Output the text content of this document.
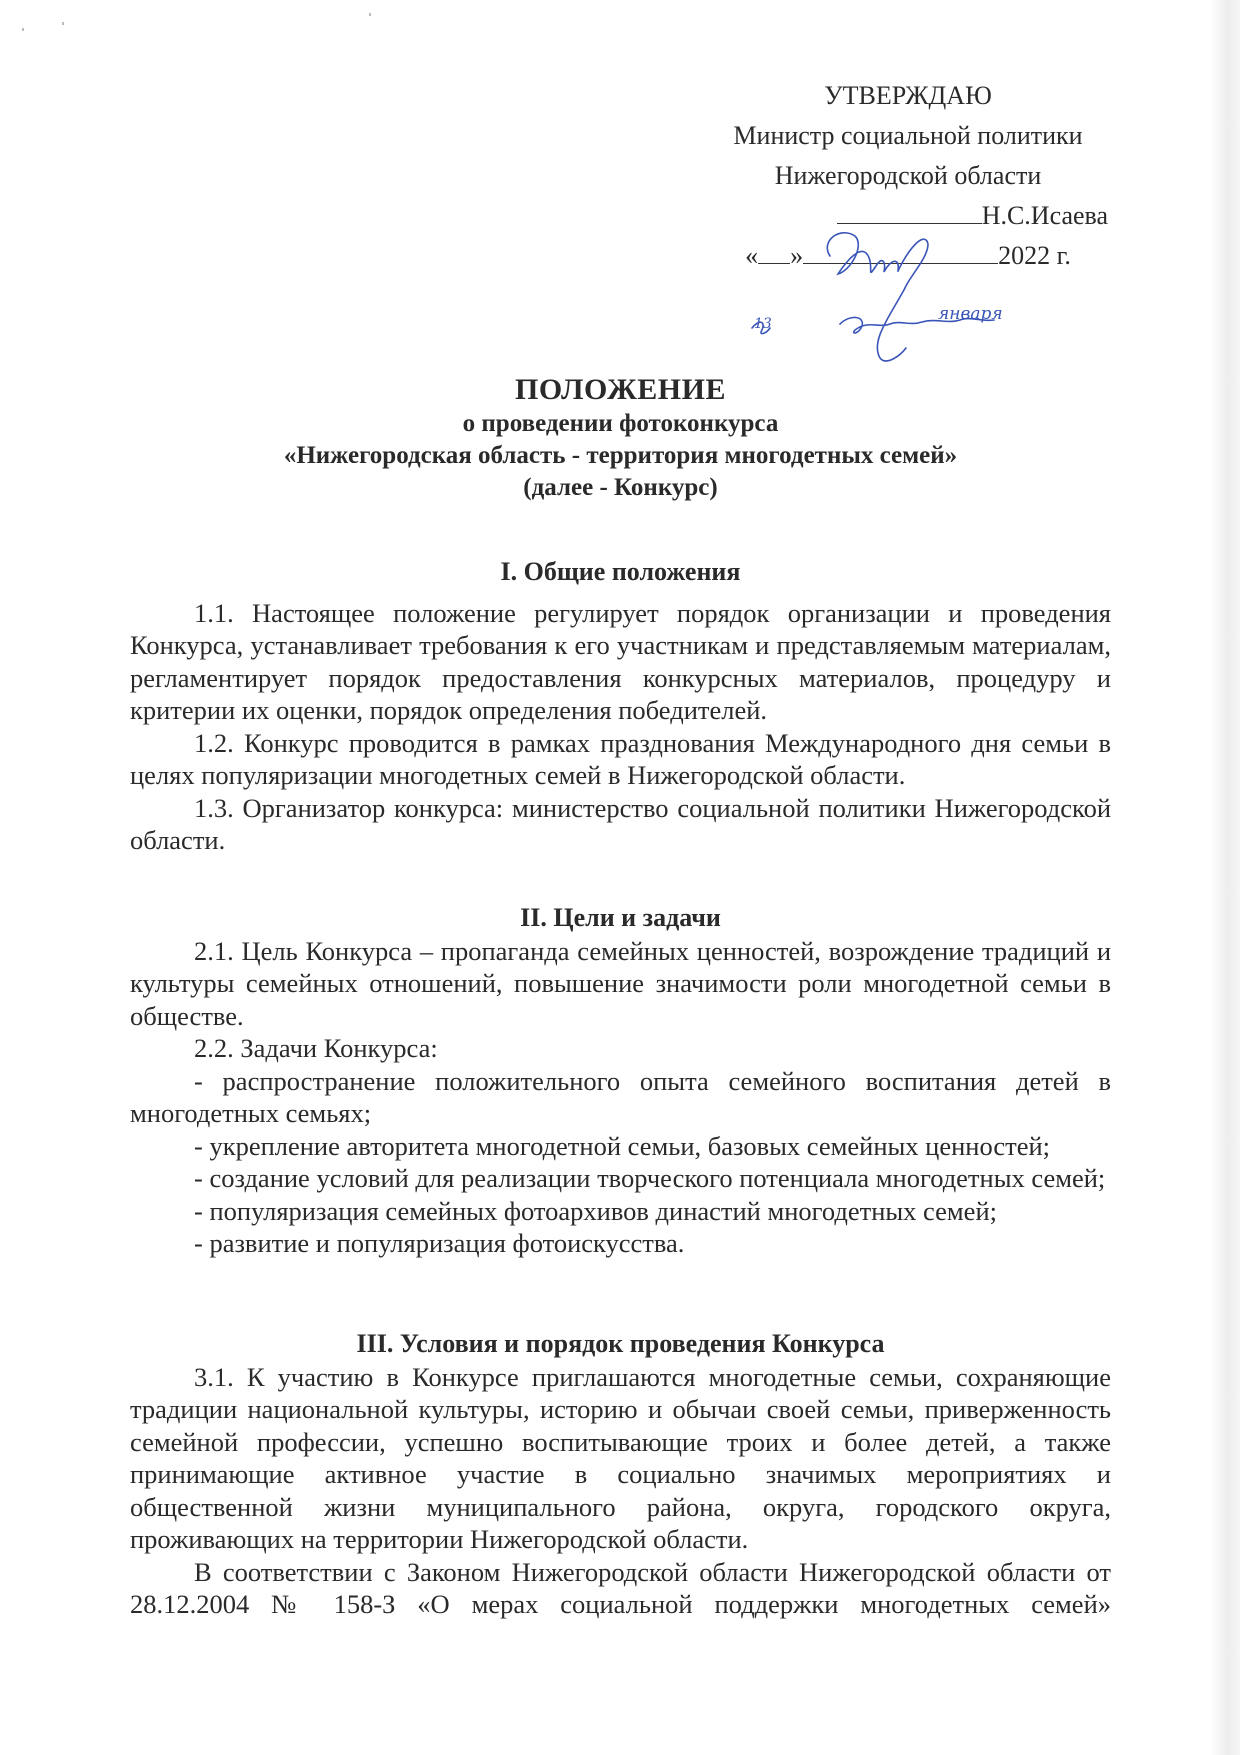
УТВЕРЖДАЮ
Министр социальной политики
Нижегородской области
Н.С.Исаева
« »	2022 г.
января
13
ПОЛОЖЕНИЕ
о проведении фотоконкурса
«Нижегородская область - территория многодетных семей»
(далее - Конкурс)
I. Общие положения

1.1. Настоящее положение регулирует порядок организации и проведения Конкурса, устанавливает требования к его участникам и представляемым материалам, регламентирует порядок предоставления конкурсных материалов, процедуру и критерии их оценки, порядок определения победителей.

1.2. Конкурс проводится в рамках празднования Международного дня семьи в целях популяризации многодетных семей в Нижегородской области.

1.3. Организатор конкурса: министерство социальной политики Нижегородской области.

II. Цели и задачи

2.1. Цель Конкурса – пропаганда семейных ценностей, возрождение традиций и культуры семейных отношений, повышение значимости роли многодетной семьи в обществе.

2.2. Задачи Конкурса:

- распространение положительного опыта семейного воспитания детей в многодетных семьях;

- укрепление авторитета многодетной семьи, базовых семейных ценностей;

- создание условий для реализации творческого потенциала многодетных семей;

- популяризация семейных фотоархивов династий многодетных семей;

- развитие и популяризация фотоискусства.

III. Условия и порядок проведения Конкурса

3.1. К участию в Конкурсе приглашаются многодетные семьи, сохраняющие традиции национальной культуры, историю и обычаи своей семьи, приверженность семейной профессии, успешно воспитывающие троих и более детей, а также принимающие активное участие в социально значимых мероприятиях и общественной жизни муниципального района, округа, городского округа, проживающих на территории Нижегородской области.

В соответствии с Законом Нижегородской области Нижегородской области от 28.12.2004 № 158-З «О мерах социальной поддержки многодетных семей»
